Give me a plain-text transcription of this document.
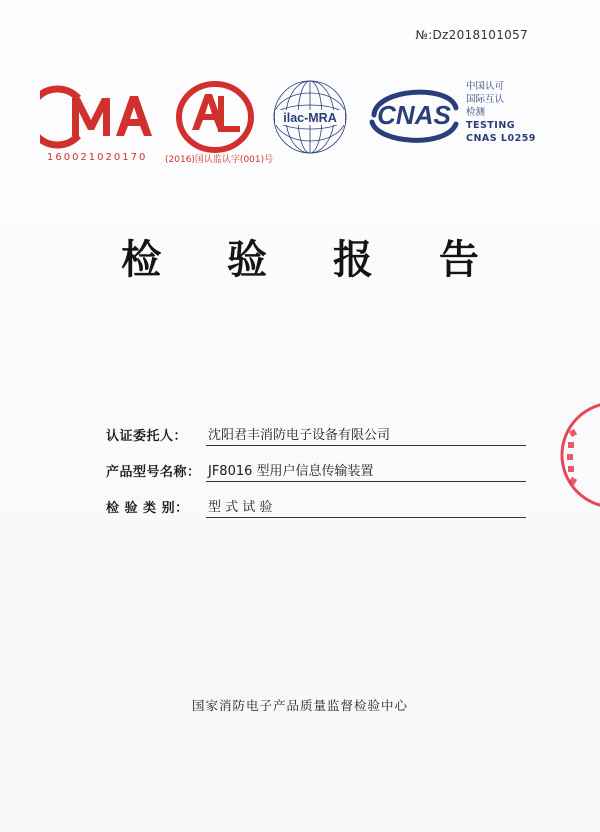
№:Dz2018101057
160021020170 (2016)国认监认字(001)号
ilac-MRA CNAS
中国认可
国际互认
检测
TESTING
CNAS L0259
检 验 报 告
认证委托人：	沈阳君丰消防电子设备有限公司
产品型号名称： JF8016 型用户信息传输装置
检 验 类 别：	型 式 试 验
国家消防电子产品质量监督检验中心
